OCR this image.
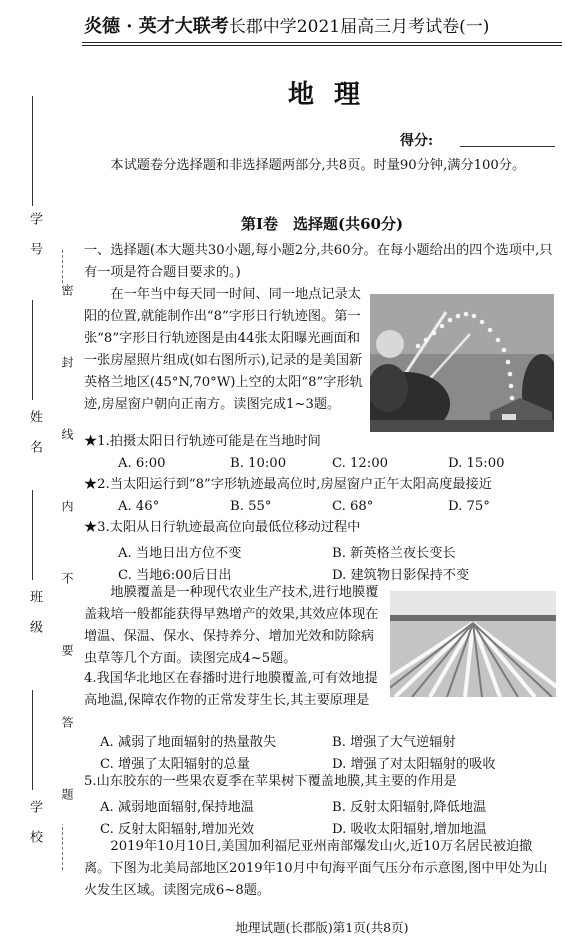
密　封　线　内　不　要　答　题
学　号
姓　名
班　级
学　校
炎德 · 英才大联考长郡中学2021届高三月考试卷(一)
地理
得分:
本试题卷分选择题和非选择题两部分,共8页。时量90分钟,满分100分。
第Ⅰ卷　选择题(共60分)
一、选择题(本大题共30小题,每小题2分,共60分。在每小题给出的四个选项中,只有一项是符合题目要求的。)
在一年当中每天同一时间、同一地点记录太阳的位置,就能制作出“8”字形日行轨迹图。第一张“8”字形日行轨迹图是由44张太阳曝光画面和一张房屋照片组成(如右图所示),记录的是美国新英格兰地区(45°N,70°W)上空的太阳“8”字形轨迹,房屋窗户朝向正南方。读图完成1~3题。
★1.拍摄太阳日行轨迹可能是在当地时间
A. 6:00	B. 10:00	C. 12:00	D. 15:00
★2.当太阳运行到“8”字形轨迹最高位时,房屋窗户正午太阳高度最接近
A. 46°	B. 55°	C. 68°	D. 75°
★3.太阳从日行轨迹最高位向最低位移动过程中
A. 当地日出方位不变	B. 新英格兰夜长变长
C. 当地6:00后日出	D. 建筑物日影保持不变
地膜覆盖是一种现代农业生产技术,进行地膜覆盖栽培一般都能获得早熟增产的效果,其效应体现在增温、保温、保水、保持养分、增加光效和防除病虫草等几个方面。读图完成4~5题。
4.我国华北地区在春播时进行地膜覆盖,可有效地提高地温,保障农作物的正常发芽生长,其主要原理是
A. 减弱了地面辐射的热量散失	B. 增强了大气逆辐射
C. 增强了太阳辐射的总量	D. 增强了对太阳辐射的吸收
5.山东胶东的一些果农夏季在苹果树下覆盖地膜,其主要的作用是
A. 减弱地面辐射,保持地温	B. 反射太阳辐射,降低地温
C. 反射太阳辐射,增加光效	D. 吸收太阳辐射,增加地温
2019年10月10日,美国加利福尼亚州南部爆发山火,近10万名居民被迫撤离。下图为北美局部地区2019年10月中旬海平面气压分布示意图,图中甲处为山火发生区域。读图完成6~8题。
地理试题(长郡版)第1页(共8页)
